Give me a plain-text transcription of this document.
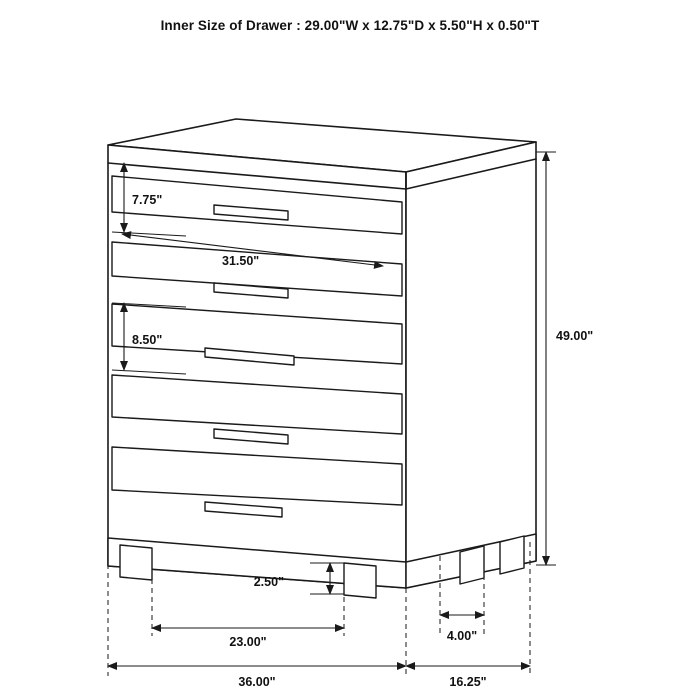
Inner Size of Drawer : 29.00"W x 12.75"D x 5.50"H x 0.50"T
7.75"
31.50"
8.50"	49.00"
2.50"
23.00"	4.00"
36.00"	16.25"
